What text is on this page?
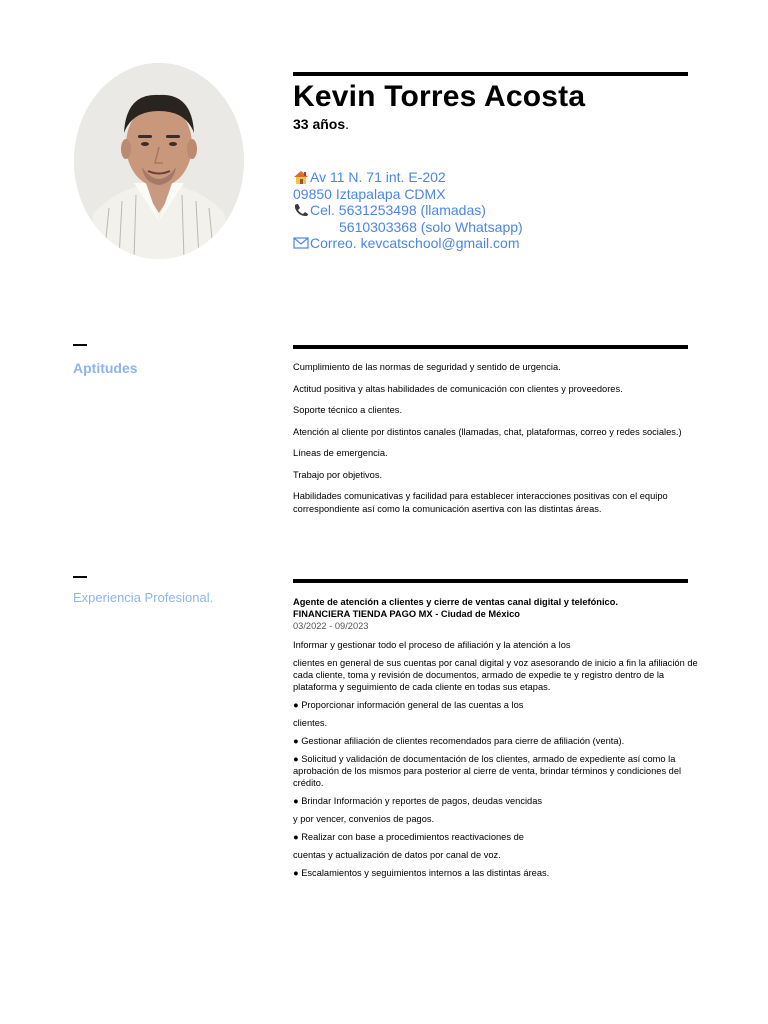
Kevin Torres Acosta
33 años.
Av 11 N. 71 int. E-202
09850 Iztapalapa CDMX
Cel. 5631253498 (llamadas)
5610303368 (solo Whatsapp)
Correo. kevcatschool@gmail.com
Aptitudes	Cumplimiento de las normas de seguridad y sentido de urgencia.

Actitud positiva y altas habilidades de comunicación con clientes y proveedores.

Soporte técnico a clientes.

Atención al cliente por distintos canales (llamadas, chat, plataformas, correo y redes sociales.)

Líneas de emergencia.

Trabajo por objetivos.

Habilidades comunicativas y facilidad para establecer interacciones positivas con el equipo correspondiente así como la comunicación asertiva con las distintas áreas.

Experiencia Profesional.	Agente de atención a clientes y cierre de ventas canal digital y telefónico.
FINANCIERA TIENDA PAGO MX - Ciudad de México
03/2022 - 09/2023

Informar y gestionar todo el proceso de afiliación y la atención a los

clientes en general de sus cuentas por canal digital y voz asesorando de inicio a fin la afiliación de cada cliente, toma y revisión de documentos, armado de expedie te y registro dentro de la plataforma y seguimiento de cada cliente en todas sus etapas.

● Proporcionar información general de las cuentas a los

clientes.

● Gestionar afiliación de clientes recomendados para cierre de afiliación (venta).

● Solicitud y validación de documentación de los clientes, armado de expediente así como la aprobación de los mismos para posterior al cierre de venta, brindar términos y condiciones del crédito.

● Brindar Información y reportes de pagos, deudas vencidas

y por vencer, convenios de pagos.

● Realizar con base a procedimientos reactivaciones de

cuentas y actualización de datos por canal de voz.

● Escalamientos y seguimientos internos a las distintas áreas.
